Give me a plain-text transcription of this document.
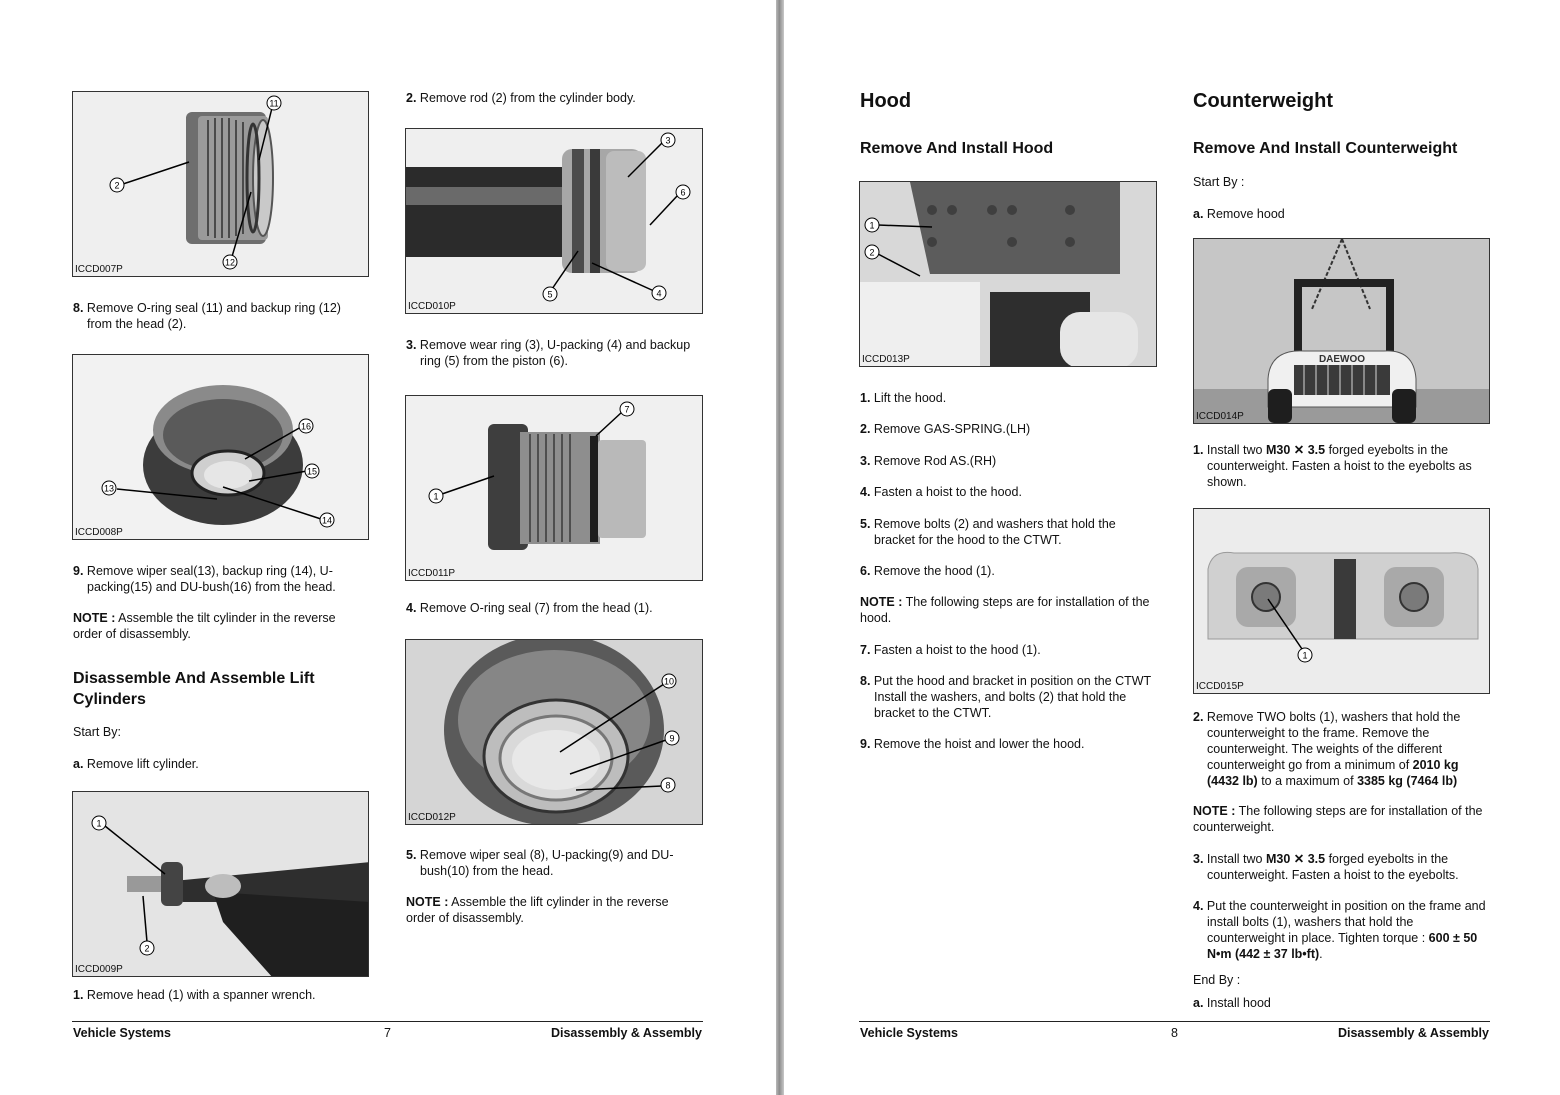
11
2
12
ICCD007P
8. Remove O-ring seal (11) and backup ring (12) from the head (2).
16
15
13
14
ICCD008P
9. Remove wiper seal(13), backup ring (14), U-packing(15) and DU-bush(16) from the head.
NOTE : Assemble the tilt cylinder in the reverse order of disassembly.
Disassemble And Assemble Lift Cylinders
Start By:
a. Remove lift cylinder.
1
2
ICCD009P
1. Remove head (1) with a spanner wrench.
2. Remove rod (2) from the cylinder body.
3
6
5	4
ICCD010P
3. Remove wear ring (3), U-packing (4) and backup ring (5) from the piston (6).
7
1
ICCD011P
4. Remove O-ring seal (7) from the head (1).
10
9
8
ICCD012P
5. Remove wiper seal (8), U-packing(9) and DU-bush(10) from the head.
NOTE : Assemble the lift cylinder in the reverse order of disassembly.
Vehicle Systems	7	Disassembly & Assembly
Hood
Remove And Install Hood
1
2
ICCD013P
1. Lift the hood.
2. Remove GAS-SPRING.(LH)
3. Remove Rod AS.(RH)
4. Fasten a hoist to the hood.
5. Remove bolts (2) and washers that hold the bracket for the hood to the CTWT.
6. Remove the hood (1).
NOTE : The following steps are for installation of the hood.
7. Fasten a hoist to the hood (1).
8. Put the hood and bracket in position on the CTWT Install the washers, and bolts (2) that hold the bracket to the CTWT.
9. Remove the hoist and lower the hood.
Counterweight
Remove And Install Counterweight
Start By :
a. Remove hood
DAEWOO
ICCD014P
1. Install two M30 ✕ 3.5 forged eyebolts in the counterweight. Fasten a hoist to the eyebolts as shown.
1
ICCD015P
2. Remove TWO bolts (1), washers that hold the counterweight to the frame. Remove the counterweight. The weights of the different counterweight go from a minimum of 2010 kg (4432 lb) to a maximum of 3385 kg (7464 lb)
NOTE : The following steps are for installation of the counterweight.
3. Install two M30 ✕ 3.5 forged eyebolts in the counterweight. Fasten a hoist to the eyebolts.
4. Put the counterweight in position on the frame and install bolts (1), washers that hold the counterweight in place. Tighten torque : 600 ± 50 N•m (442 ± 37 lb•ft).
End By :
a. Install hood
Vehicle Systems	8	Disassembly & Assembly
